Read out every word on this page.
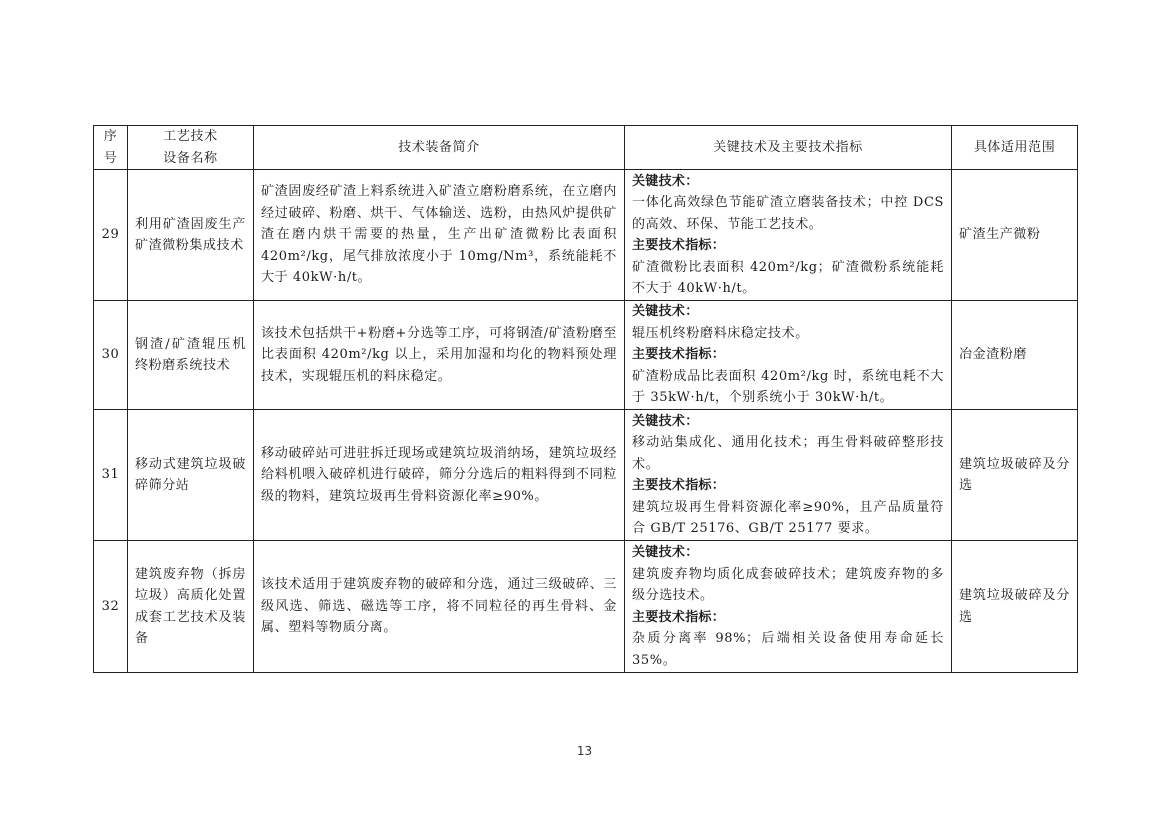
序
号	工艺技术
设备名称	技术装备简介	关键技术及主要技术指标	具体适用范围
29	利用矿渣固废生产矿渣微粉集成技术	矿渣固废经矿渣上料系统进入矿渣立磨粉磨系统，在立磨内经过破碎、粉磨、烘干、气体输送、选粉，由热风炉提供矿渣在磨内烘干需要的热量，生产出矿渣微粉比表面积 420m²/kg，尾气排放浓度小于 10mg/Nm³，系统能耗不大于 40kW·h/t。	关键技术：
一体化高效绿色节能矿渣立磨装备技术；中控 DCS 的高效、环保、节能工艺技术。
主要技术指标：
矿渣微粉比表面积 420m²/kg；矿渣微粉系统能耗不大于 40kW·h/t。	矿渣生产微粉
30	钢渣/矿渣辊压机终粉磨系统技术	该技术包括烘干+粉磨+分选等工序，可将钢渣/矿渣粉磨至比表面积 420m²/kg 以上，采用加湿和均化的物料预处理技术，实现辊压机的料床稳定。	关键技术：
辊压机终粉磨料床稳定技术。
主要技术指标：
矿渣粉成品比表面积 420m²/kg 时，系统电耗不大于 35kW·h/t，个别系统小于 30kW·h/t。	冶金渣粉磨
31	移动式建筑垃圾破碎筛分站	移动破碎站可进驻拆迁现场或建筑垃圾消纳场，建筑垃圾经给料机喂入破碎机进行破碎，筛分分选后的粗料得到不同粒级的物料，建筑垃圾再生骨料资源化率≥90%。	关键技术：
移动站集成化、通用化技术；再生骨料破碎整形技术。
主要技术指标：
建筑垃圾再生骨料资源化率≥90%，且产品质量符合 GB/T 25176、GB/T 25177 要求。	建筑垃圾破碎及分选
32	建筑废弃物（拆房垃圾）高质化处置成套工艺技术及装备	该技术适用于建筑废弃物的破碎和分选，通过三级破碎、三级风选、筛选、磁选等工序，将不同粒径的再生骨料、金属、塑料等物质分离。	关键技术：
建筑废弃物均质化成套破碎技术；建筑废弃物的多级分选技术。
主要技术指标：
杂质分离率 98%；后端相关设备使用寿命延长 35%。	建筑垃圾破碎及分选
13
